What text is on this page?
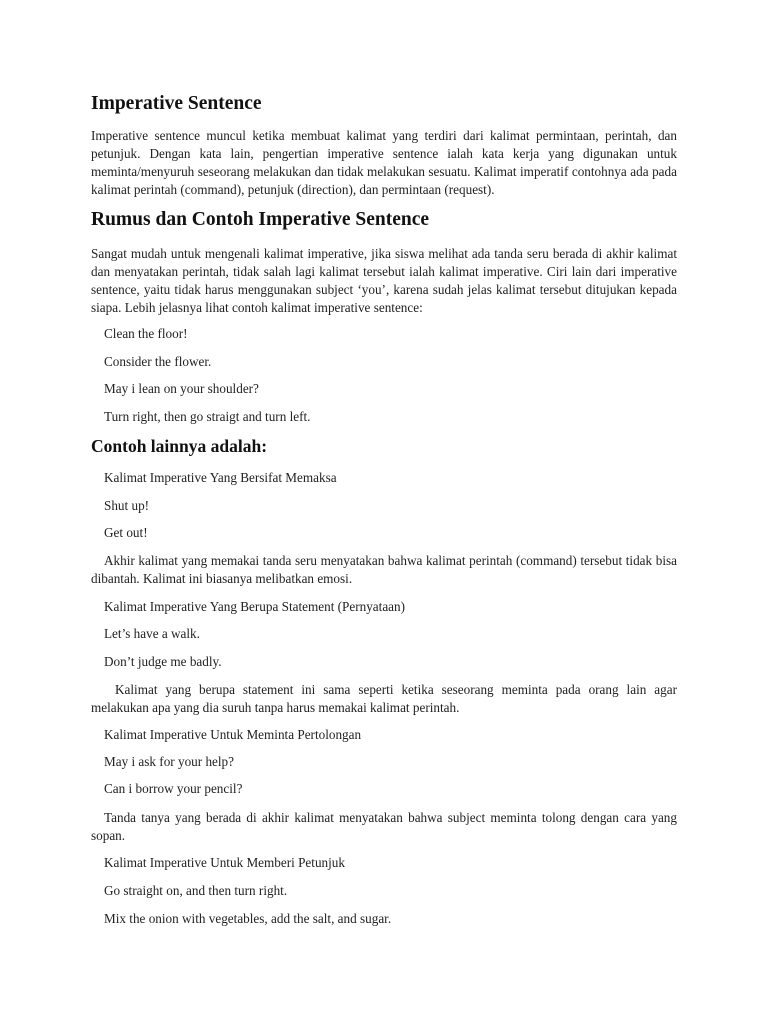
Imperative Sentence

Imperative sentence muncul ketika membuat kalimat yang terdiri dari kalimat permintaan, perintah, dan petunjuk. Dengan kata lain, pengertian imperative sentence ialah kata kerja yang digunakan untuk meminta/menyuruh seseorang melakukan dan tidak melakukan sesuatu. Kalimat imperatif contohnya ada pada kalimat perintah (command), petunjuk (direction), dan permintaan (request).

Rumus dan Contoh Imperative Sentence

Sangat mudah untuk mengenali kalimat imperative, jika siswa melihat ada tanda seru berada di akhir kalimat dan menyatakan perintah, tidak salah lagi kalimat tersebut ialah kalimat imperative. Ciri lain dari imperative sentence, yaitu tidak harus menggunakan subject ‘you’, karena sudah jelas kalimat tersebut ditujukan kepada siapa. Lebih jelasnya lihat contoh kalimat imperative sentence:

Clean the floor!

Consider the flower.

May i lean on your shoulder?

Turn right, then go straigt and turn left.

Contoh lainnya adalah:

Kalimat Imperative Yang Bersifat Memaksa

Shut up!

Get out!

Akhir kalimat yang memakai tanda seru menyatakan bahwa kalimat perintah (command) tersebut tidak bisa dibantah. Kalimat ini biasanya melibatkan emosi.

Kalimat Imperative Yang Berupa Statement (Pernyataan)

Let’s have a walk.

Don’t judge me badly.

Kalimat yang berupa statement ini sama seperti ketika seseorang meminta pada orang lain agar melakukan apa yang dia suruh tanpa harus memakai kalimat perintah.

Kalimat Imperative Untuk Meminta Pertolongan

May i ask for your help?

Can i borrow your pencil?

Tanda tanya yang berada di akhir kalimat menyatakan bahwa subject meminta tolong dengan cara yang sopan.

Kalimat Imperative Untuk Memberi Petunjuk

Go straight on, and then turn right.

Mix the onion with vegetables, add the salt, and sugar.
